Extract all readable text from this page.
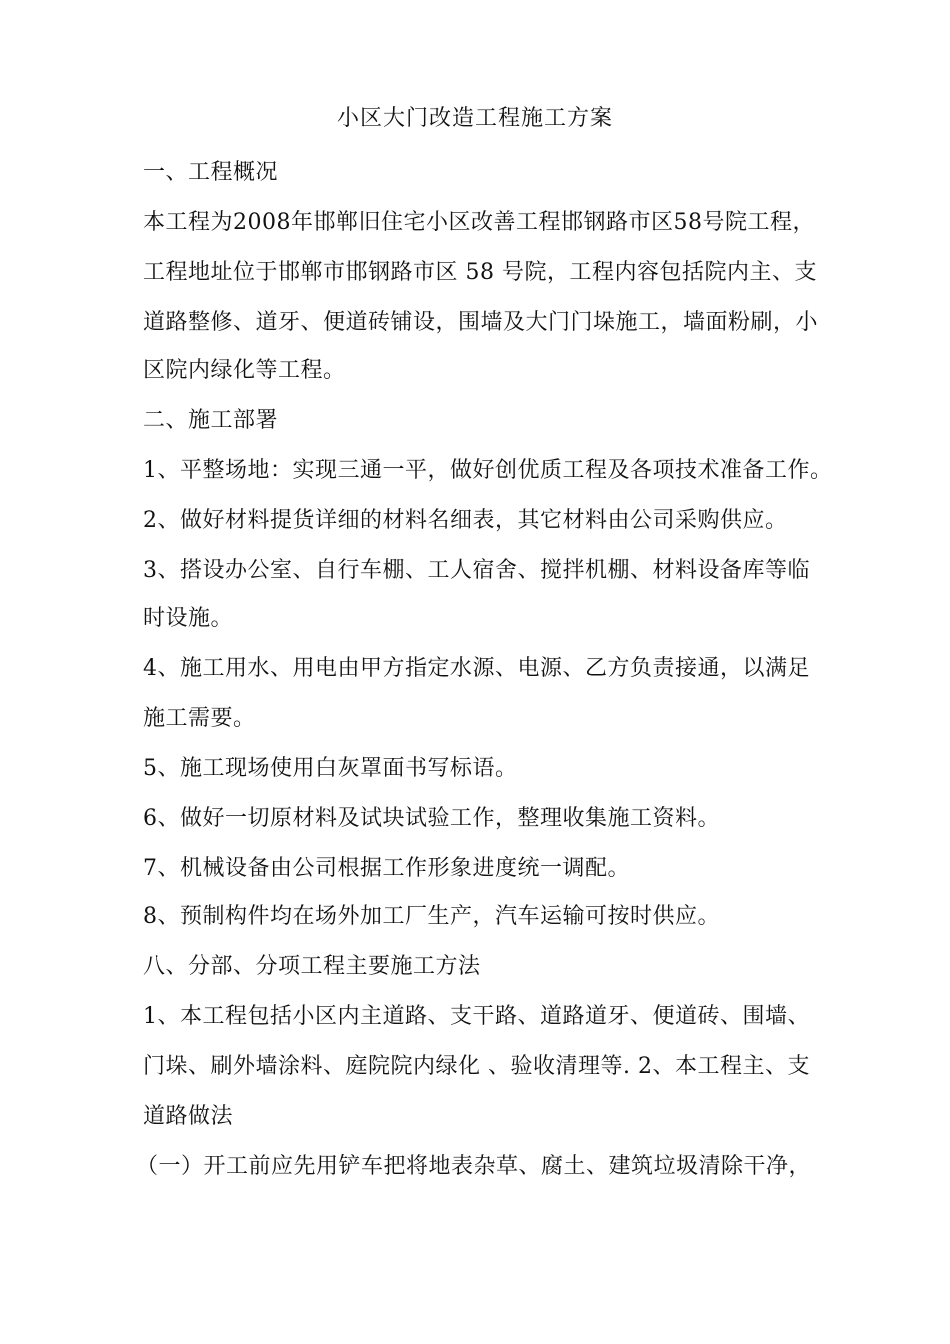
小区大门改造工程施工方案
一、工程概况
本工程为2008年邯郸旧住宅小区改善工程邯钢路市区58号院工程，
工程地址位于邯郸市邯钢路市区 58 号院，工程内容包括院内主、支
道路整修、道牙、便道砖铺设，围墙及大门门垛施工，墙面粉刷，小
区院内绿化等工程。
二、施工部署
1、平整场地：实现三通一平，做好创优质工程及各项技术准备工作。
2、做好材料提货详细的材料名细表，其它材料由公司采购供应。
3、搭设办公室、自行车棚、工人宿舍、搅拌机棚、材料设备库等临
时设施。
4、施工用水、用电由甲方指定水源、电源、乙方负责接通，以满足
施工需要。
5、施工现场使用白灰罩面书写标语。
6、做好一切原材料及试块试验工作，整理收集施工资料。
7、机械设备由公司根据工作形象进度统一调配。
8、预制构件均在场外加工厂生产，汽车运输可按时供应。
八、分部、分项工程主要施工方法
1、本工程包括小区内主道路、支干路、道路道牙、便道砖、围墙、
门垛、刷外墙涂料、庭院院内绿化 、验收清理等. 2、本工程主、支
道路做法
（一）开工前应先用铲车把将地表杂草、腐土、建筑垃圾清除干净，
